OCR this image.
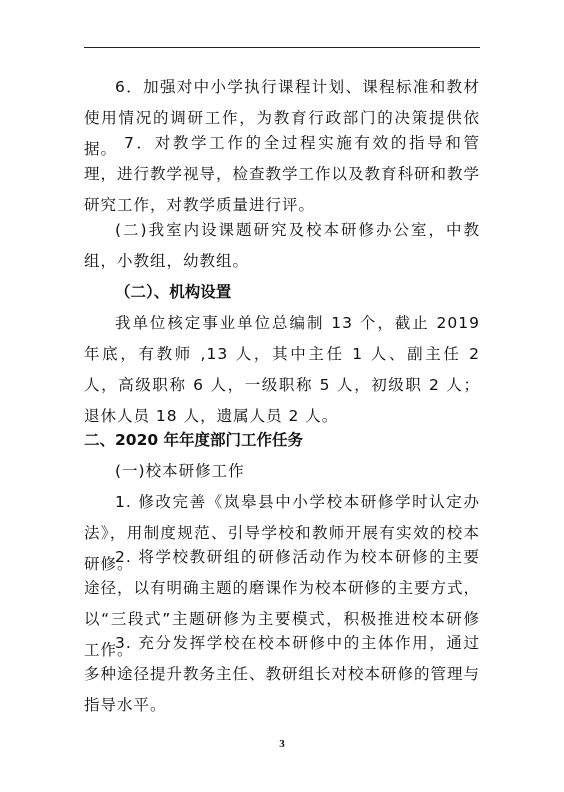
6．加强对中小学执行课程计划、课程标准和教材使用情况的调研工作，为教育行政部门的决策提供依据。 7．对教学工作的全过程实施有效的指导和管理，进行教学视导，检查教学工作以及教育科研和教学研究工作，对教学质量进行评。

(二)我室内设课题研究及校本研修办公室，中教组，小教组，幼教组。

（二）、机构设置

我单位核定事业单位总编制 13 个，截止 2019 年底，有教师 ,13 人，其中主任 1 人、副主任 2 人，高级职称 6 人，一级职称 5 人，初级职 2 人；退休人员 18 人，遗属人员 2 人。

二、2020 年年度部门工作任务

(一)校本研修工作

1. 修改完善《岚皋县中小学校本研修学时认定办法》，用制度规范、引导学校和教师开展有实效的校本研修。

2. 将学校教研组的研修活动作为校本研修的主要途径，以有明确主题的磨课作为校本研修的主要方式，以“三段式”主题研修为主要模式，积极推进校本研修工作。

3. 充分发挥学校在校本研修中的主体作用，通过多种途径提升教务主任、教研组长对校本研修的管理与指导水平。

3
